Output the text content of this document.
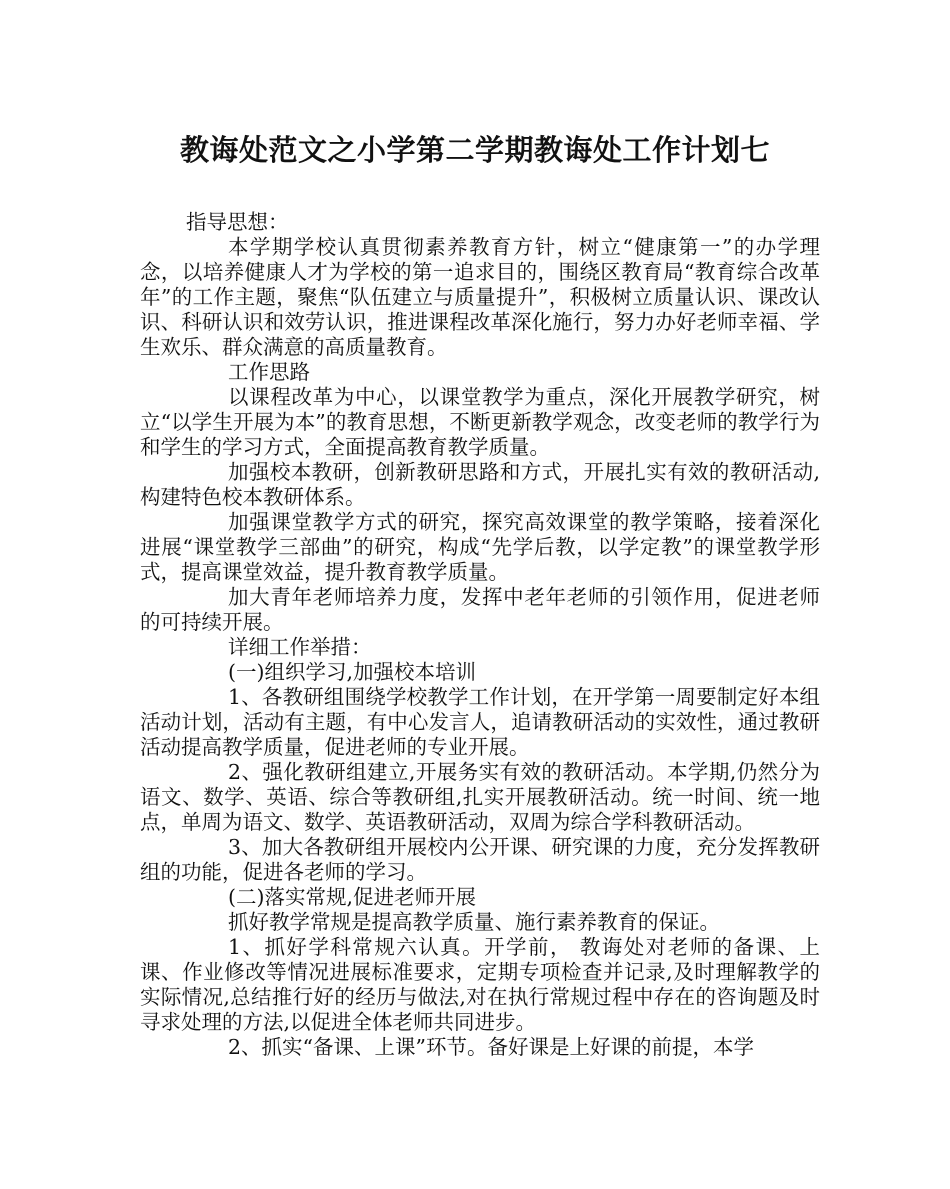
教诲处范文之小学第二学期教诲处工作计划七

指导思想：

本学期学校认真贯彻素养教育方针，树立“健康第一”的办学理念，以培养健康人才为学校的第一追求目的，围绕区教育局“教育综合改革年”的工作主题，聚焦“队伍建立与质量提升”，积极树立质量认识、课改认识、科研认识和效劳认识，推进课程改革深化施行，努力办好老师幸福、学生欢乐、群众满意的高质量教育。

工作思路

以课程改革为中心，以课堂教学为重点，深化开展教学研究，树立“以学生开展为本”的教育思想，不断更新教学观念，改变老师的教学行为和学生的学习方式，全面提高教育教学质量。

加强校本教研，创新教研思路和方式，开展扎实有效的教研活动,构建特色校本教研体系。

加强课堂教学方式的研究，探究高效课堂的教学策略，接着深化进展“课堂教学三部曲”的研究，构成“先学后教，以学定教”的课堂教学形式，提高课堂效益，提升教育教学质量。

加大青年老师培养力度，发挥中老年老师的引领作用，促进老师的可持续开展。

详细工作举措：

(一)组织学习,加强校本培训

1、各教研组围绕学校教学工作计划，在开学第一周要制定好本组活动计划，活动有主题，有中心发言人，追请教研活动的实效性，通过教研活动提高教学质量，促进老师的专业开展。

2、强化教研组建立,开展务实有效的教研活动。本学期,仍然分为语文、数学、英语、综合等教研组,扎实开展教研活动。统一时间、统一地点，单周为语文、数学、英语教研活动，双周为综合学科教研活动。

3、加大各教研组开展校内公开课、研究课的力度，充分发挥教研组的功能，促进各老师的学习。

(二)落实常规,促进老师开展

抓好教学常规是提高教学质量、施行素养教育的保证。

1、抓好学科常规六认真。开学前， 教诲处对老师的备课、上课、作业修改等情况进展标准要求，定期专项检查并记录,及时理解教学的实际情况,总结推行好的经历与做法,对在执行常规过程中存在的咨询题及时寻求处理的方法,以促进全体老师共同进步。

2、抓实“备课、上课”环节。备好课是上好课的前提，本学
